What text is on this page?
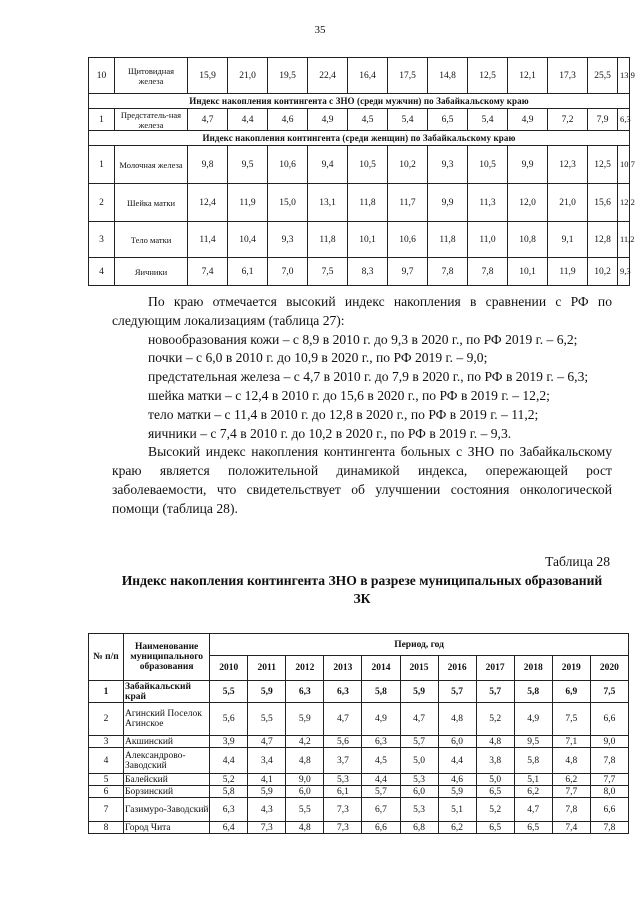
35
10	Щитовидная железа	15,9	21,0	19,5	22,4	16,4	17,5	14,8	12,5	12,1	17,3	25,5	13,9
Индекс накопления контингента с ЗНО (среди мужчин) по Забайкальскому краю													
1	Предстатель-ная железа	4,7	4,4	4,6	4,9	4,5	5,4	6,5	5,4	4,9	7,2	7,9	6,3
Индекс накопления контингента (среди женщин) по Забайкальскому краю													
1	Молочная железа	9,8	9,5	10,6	9,4	10,5	10,2	9,3	10,5	9,9	12,3	12,5	10.7
2	Шейка матки	12,4	11,9	15,0	13,1	11,8	11,7	9,9	11,3	12,0	21,0	15,6	12,2
3	Тело матки	11,4	10,4	9,3	11,8	10,1	10,6	11,8	11,0	10,8	9,1	12,8	11,2
4	Яичники	7,4	6,1	7,0	7,5	8,3	9,7	7,8	7,8	10,1	11,9	10,2	9,3

По краю отмечается высокий индекс накопления в сравнении с РФ по следующим локализациям (таблица 27):

новообразования кожи – с 8,9 в 2010 г. до 9,3 в 2020 г., по РФ 2019 г. – 6,2;

почки – с 6,0 в 2010 г. до 10,9 в 2020 г., по РФ 2019 г. – 9,0;

предстательная железа – с 4,7 в 2010 г. до 7,9 в 2020 г., по РФ в 2019 г. – 6,3;

шейка матки – с 12,4 в 2010 г. до 15,6 в 2020 г., по РФ в 2019 г. – 12,2;

тело матки – с 11,4 в 2010 г. до 12,8 в 2020 г., по РФ в 2019 г. – 11,2;

яичники – с 7,4 в 2010 г. до 10,2 в 2020 г., по РФ в 2019 г. – 9,3.

Высокий индекс накопления контингента больных с ЗНО по Забайкальскому краю является положительной динамикой индекса, опережающей рост заболеваемости, что свидетельствует об улучшении состояния онкологической помощи (таблица 28).

Таблица 28
Индекс накопления контингента ЗНО в разрезе муниципальных образований ЗК
№ п/п	Наименование муниципального образования	Период, год										
		2010	2011	2012	2013	2014	2015	2016	2017	2018	2019	2020
1	Забайкальский край	5,5	5,9	6,3	6,3	5,8	5,9	5,7	5,7	5,8	6,9	7,5
2	Агинский Поселок Агинское	5,6	5,5	5,9	4,7	4,9	4,7	4,8	5,2	4,9	7,5	6,6
3	Акшинский	3,9	4,7	4,2	5,6	6,3	5,7	6,0	4,8	9,5	7,1	9,0
4	Александрово-Заводский	4,4	3,4	4,8	3,7	4,5	5,0	4,4	3,8	5,8	4,8	7,8
5	Балейский	5,2	4,1	9,0	5,3	4,4	5,3	4,6	5,0	5,1	6,2	7,7
6	Борзинский	5,8	5,9	6,0	6,1	5,7	6,0	5,9	6,5	6,2	7,7	8,0
7	Газимуро-Заводский	6,3	4,3	5,5	7,3	6,7	5,3	5,1	5,2	4,7	7,8	6,6
8	Город Чита	6,4	7,3	4,8	7,3	6,6	6,8	6,2	6,5	6,5	7,4	7,8
